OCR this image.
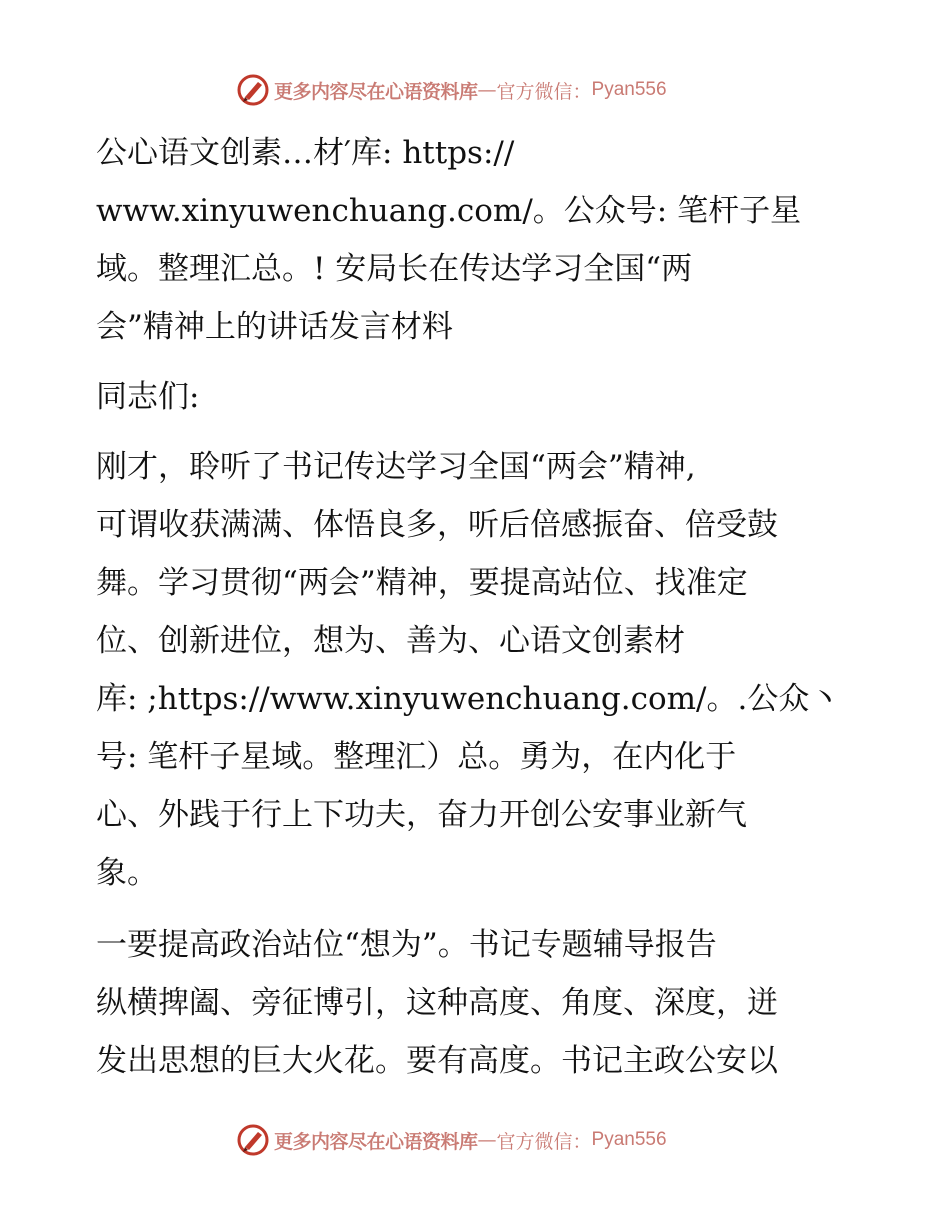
更多内容尽在心语资料库 — 官方微信： Pyan556
公心语文创素…材′库: https://
www.xinyuwenchuang.com/。公众号: 笔杆子星
域。整理汇总。! 安局长在传达学习全国“两
会”精神上的讲话发言材料
同志们:
刚才，聆听了书记传达学习全国“两会”精神,
可谓收获满满、体悟良多，听后倍感振奋、倍受鼓
舞。学习贯彻“两会”精神，要提高站位、找准定
位、创新进位，想为、善为、心语文创素材
库: ;https://www.xinyuwenchuang.com/。.公众丶
号: 笔杆子星域。整理汇）总。勇为，在内化于
心、外践于行上下功夫，奋力开创公安事业新气
象。
一要提高政治站位“想为”。书记专题辅导报告
纵横捭阖、旁征博引，这种高度、角度、深度，迸
发出思想的巨大火花。要有高度。书记主政公安以
更多内容尽在心语资料库 — 官方微信： Pyan556
